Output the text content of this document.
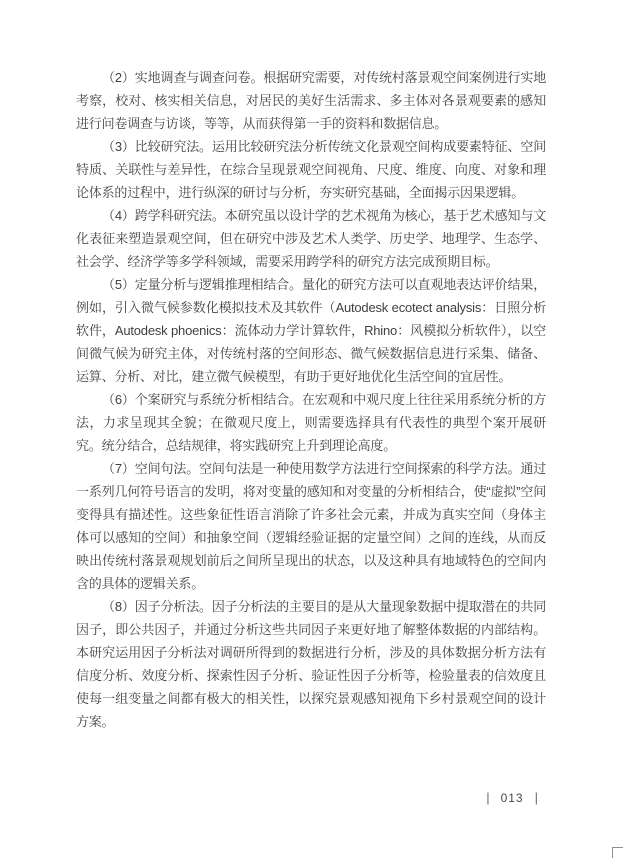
（2）实地调查与调查问卷。根据研究需要，对传统村落景观空间案例进行实地考察，校对、核实相关信息，对居民的美好生活需求、多主体对各景观要素的感知进行问卷调查与访谈，等等，从而获得第一手的资料和数据信息。

（3）比较研究法。运用比较研究法分析传统文化景观空间构成要素特征、空间特质、关联性与差异性，在综合呈现景观空间视角、尺度、维度、向度、对象和理论体系的过程中，进行纵深的研讨与分析，夯实研究基础，全面揭示因果逻辑。

（4）跨学科研究法。本研究虽以设计学的艺术视角为核心，基于艺术感知与文化表征来塑造景观空间，但在研究中涉及艺术人类学、历史学、地理学、生态学、社会学、经济学等多学科领域，需要采用跨学科的研究方法完成预期目标。

（5）定量分析与逻辑推理相结合。量化的研究方法可以直观地表达评价结果，例如，引入微气候参数化模拟技术及其软件（Autodesk ecotect analysis：日照分析软件，Autodesk phoenics：流体动力学计算软件，Rhino：风模拟分析软件），以空间微气候为研究主体，对传统村落的空间形态、微气候数据信息进行采集、储备、运算、分析、对比，建立微气候模型，有助于更好地优化生活空间的宜居性。

（6）个案研究与系统分析相结合。在宏观和中观尺度上往往采用系统分析的方法，力求呈现其全貌；在微观尺度上，则需要选择具有代表性的典型个案开展研究。统分结合，总结规律，将实践研究上升到理论高度。

（7）空间句法。空间句法是一种使用数学方法进行空间探索的科学方法。通过一系列几何符号语言的发明，将对变量的感知和对变量的分析相结合，使“虚拟”空间变得具有描述性。这些象征性语言消除了许多社会元素，并成为真实空间（身体主体可以感知的空间）和抽象空间（逻辑经验证据的定量空间）之间的连线，从而反映出传统村落景观规划前后之间所呈现出的状态，以及这种具有地域特色的空间内含的具体的逻辑关系。

（8）因子分析法。因子分析法的主要目的是从大量现象数据中提取潜在的共同因子，即公共因子，并通过分析这些共同因子来更好地了解整体数据的内部结构。本研究运用因子分析法对调研所得到的数据进行分析，涉及的具体数据分析方法有信度分析、效度分析、探索性因子分析、验证性因子分析等，检验量表的信效度且使每一组变量之间都有极大的相关性，以探究景观感知视角下乡村景观空间的设计方案。

| 013 |
